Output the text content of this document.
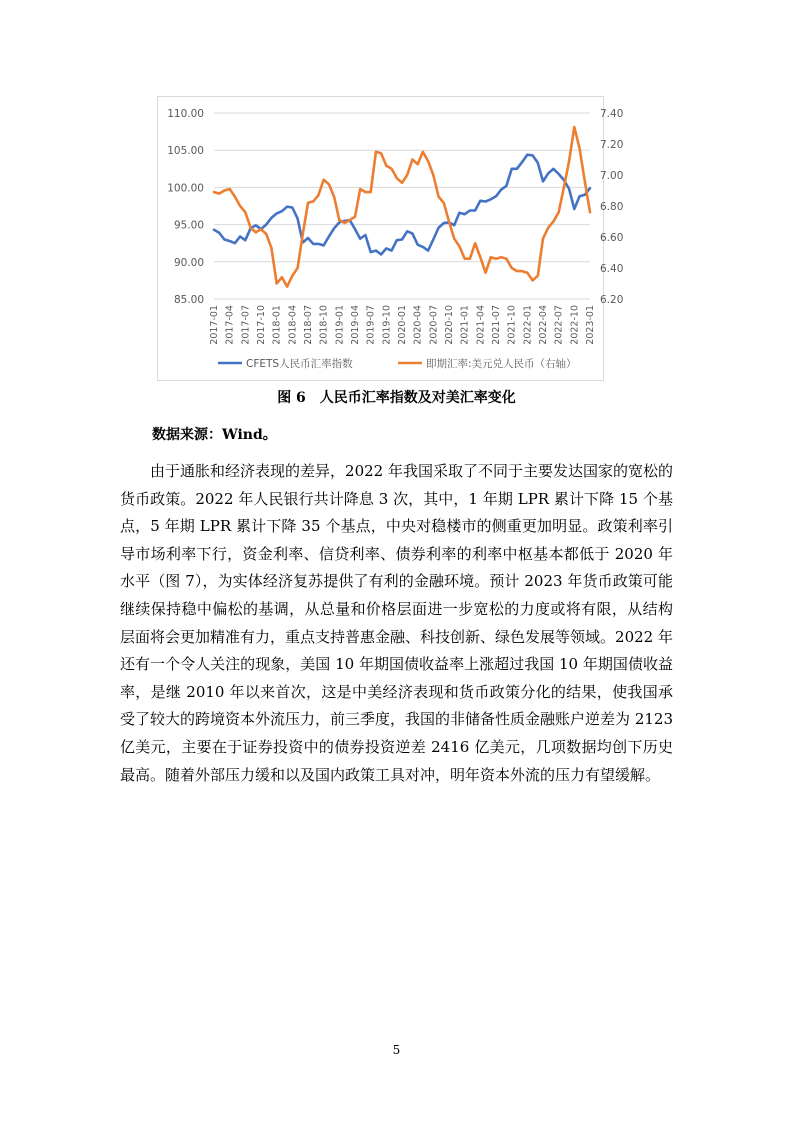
85.00
90.00
95.00
100.00
105.00
110.00
6.20
6.40
6.60
6.80
7.00
7.20
7.40
2017-01 2017-04 2017-07 2017-10 2018-01 2018-04 2018-07 2018-10 2019-01 2019-04 2019-07 2019-10 2020-01 2020-04 2020-07 2020-10 2021-01 2021-04 2021-07 2021-10 2022-01 2022-04 2022-07 2022-10 2023-01
CFETS人民币汇率指数	即期汇率:美元兑人民币（右轴）
图 6　人民币汇率指数及对美汇率变化
数据来源：Wind。

由于通胀和经济表现的差异，2022 年我国采取了不同于主要发达国家的宽松的货币政策。2022 年人民银行共计降息 3 次，其中，1 年期 LPR 累计下降 15 个基点，5 年期 LPR 累计下降 35 个基点，中央对稳楼市的侧重更加明显。政策利率引导市场利率下行，资金利率、信贷利率、债券利率的利率中枢基本都低于 2020 年水平（图 7），为实体经济复苏提供了有利的金融环境。预计 2023 年货币政策可能继续保持稳中偏松的基调，从总量和价格层面进一步宽松的力度或将有限，从结构层面将会更加精准有力，重点支持普惠金融、科技创新、绿色发展等领域。2022 年还有一个令人关注的现象，美国 10 年期国债收益率上涨超过我国 10 年期国债收益率，是继 2010 年以来首次，这是中美经济表现和货币政策分化的结果，使我国承受了较大的跨境资本外流压力，前三季度，我国的非储备性质金融账户逆差为 2123 亿美元，主要在于证券投资中的债券投资逆差 2416 亿美元，几项数据均创下历史最高。随着外部压力缓和以及国内政策工具对冲，明年资本外流的压力有望缓解。

5
